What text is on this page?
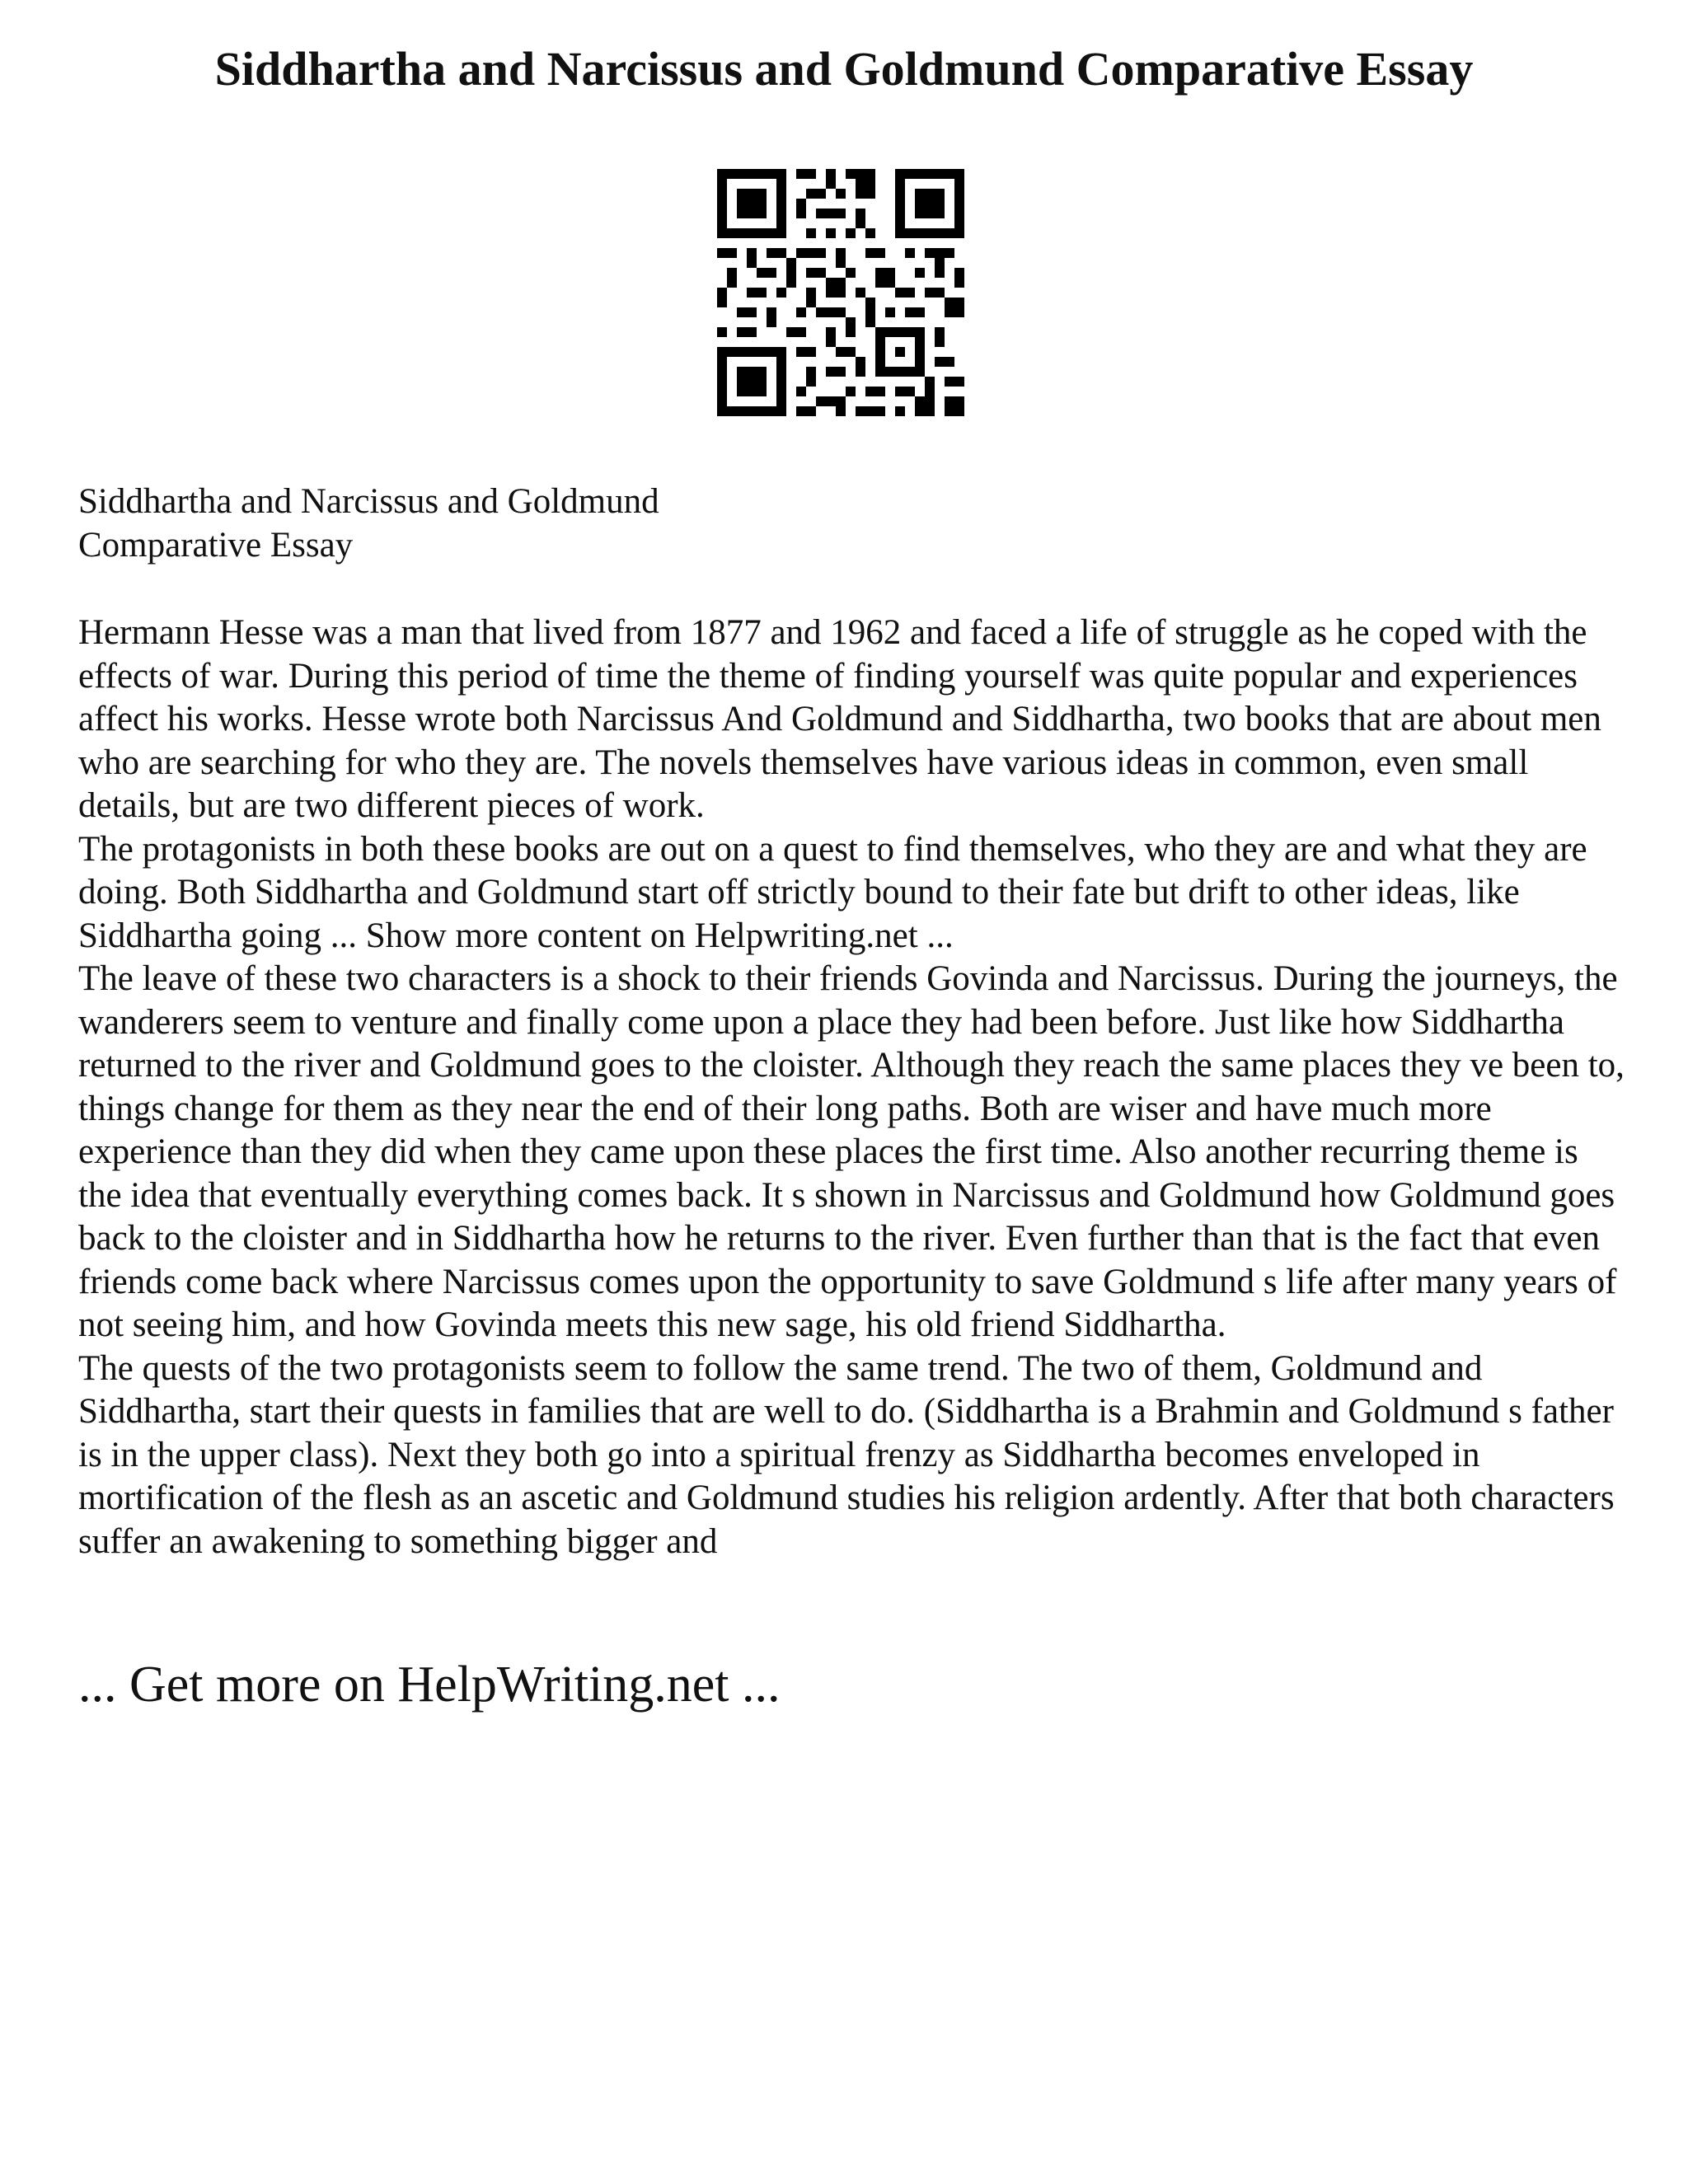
Siddhartha and Narcissus and Goldmund Comparative Essay
Siddhartha and Narcissus and Goldmund
Comparative Essay

Hermann Hesse was a man that lived from 1877 and 1962 and faced a life of struggle as he coped with the effects of war. During this period of time the theme of finding yourself was quite popular and experiences affect his works. Hesse wrote both Narcissus And Goldmund and Siddhartha, two books that are about men who are searching for who they are. The novels themselves have various ideas in common, even small details, but are two different pieces of work.

The protagonists in both these books are out on a quest to find themselves, who they are and what they are doing. Both Siddhartha and Goldmund start off strictly bound to their fate but drift to other ideas, like Siddhartha going ... Show more content on Helpwriting.net ...

The leave of these two characters is a shock to their friends Govinda and Narcissus. During the journeys, the wanderers seem to venture and finally come upon a place they had been before. Just like how Siddhartha returned to the river and Goldmund goes to the cloister. Although they reach the same places they ve been to, things change for them as they near the end of their long paths. Both are wiser and have much more experience than they did when they came upon these places the first time. Also another recurring theme is the idea that eventually everything comes back. It s shown in Narcissus and Goldmund how Goldmund goes back to the cloister and in Siddhartha how he returns to the river. Even further than that is the fact that even friends come back where Narcissus comes upon the opportunity to save Goldmund s life after many years of not seeing him, and how Govinda meets this new sage, his old friend Siddhartha.

The quests of the two protagonists seem to follow the same trend. The two of them, Goldmund and Siddhartha, start their quests in families that are well to do. (Siddhartha is a Brahmin and Goldmund s father is in the upper class). Next they both go into a spiritual frenzy as Siddhartha becomes enveloped in mortification of the flesh as an ascetic and Goldmund studies his religion ardently. After that both characters suffer an awakening to something bigger and

... Get more on HelpWriting.net ...
